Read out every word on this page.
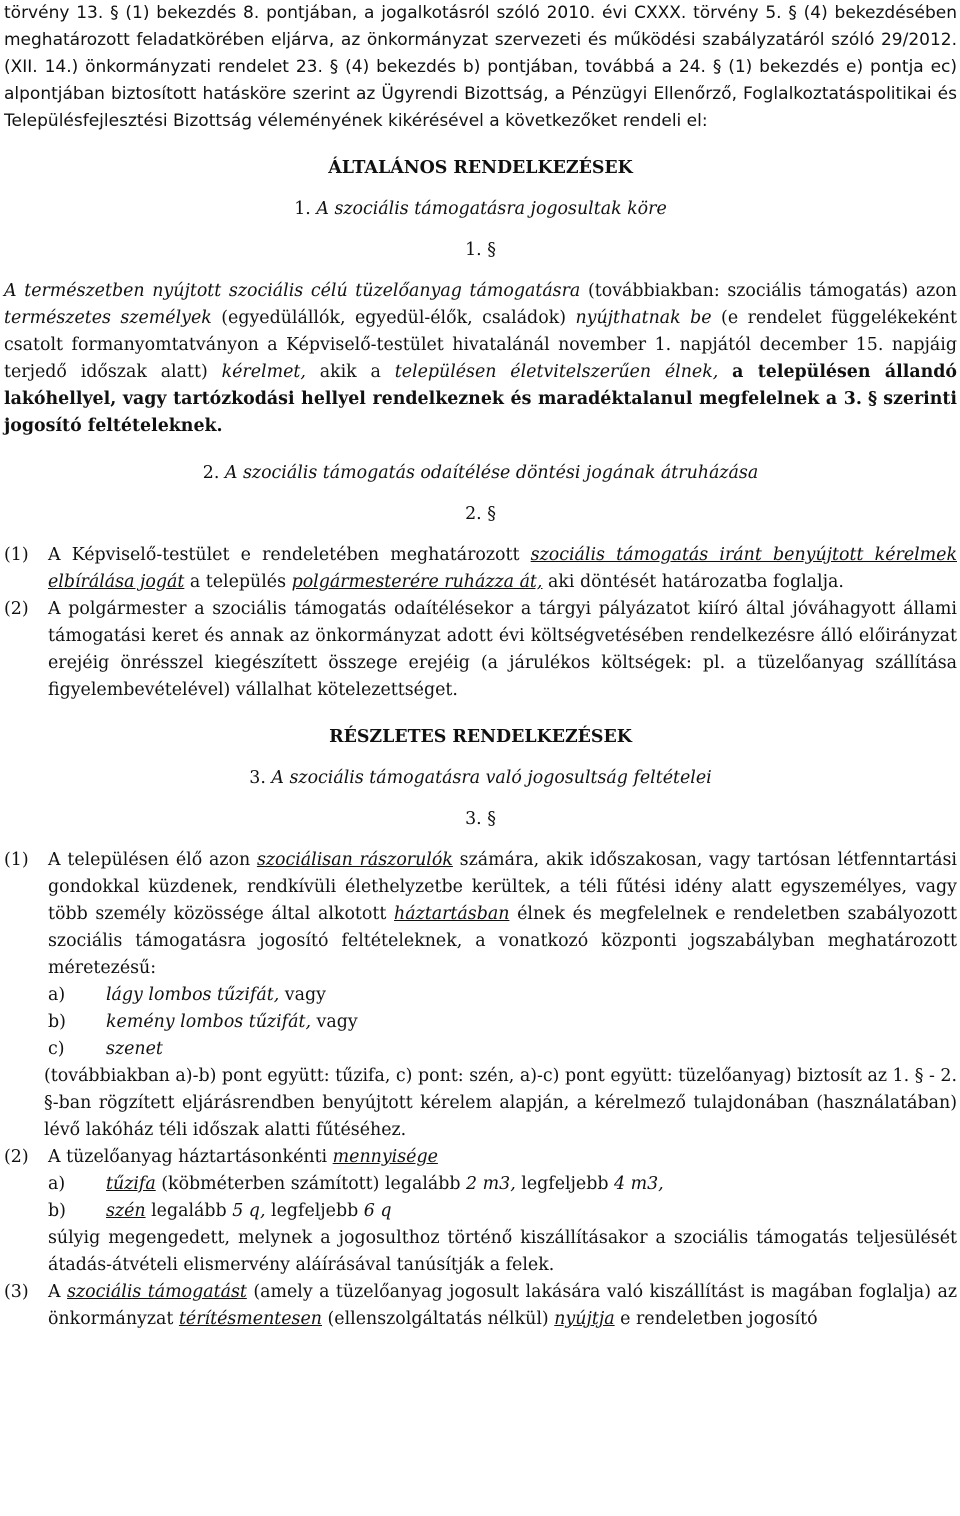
törvény 13. § (1) bekezdés 8. pontjában, a jogalkotásról szóló 2010. évi CXXX. törvény 5. § (4) bekezdésében meghatározott feladatkörében eljárva, az önkormányzat szervezeti és működési szabályzatáról szóló 29/2012. (XII. 14.) önkormányzati rendelet 23. § (4) bekezdés b) pontjában, továbbá a 24. § (1) bekezdés e) pontja ec) alpontjában biztosított hatásköre szerint az Ügyrendi Bizottság, a Pénzügyi Ellenőrző, Foglalkoztatáspolitikai és Településfejlesztési Bizottság véleményének kikérésével a következőket rendeli el:

ÁLTALÁNOS RENDELKEZÉSEK

1. A szociális támogatásra jogosultak köre

1. §

A természetben nyújtott szociális célú tüzelőanyag támogatásra (továbbiakban: szociális támogatás) azon természetes személyek (egyedülállók, egyedül-élők, családok) nyújthatnak be (e rendelet függelékeként csatolt formanyomtatványon a Képviselő-testület hivatalánál november 1. napjától december 15. napjáig terjedő időszak alatt) kérelmet, akik a településen életvitelszerűen élnek, a településen állandó lakóhellyel, vagy tartózkodási hellyel rendelkeznek és maradéktalanul megfelelnek a 3. § szerinti jogosító feltételeknek.

2. A szociális támogatás odaítélése döntési jogának átruházása

2. §

(1)	A Képviselő-testület e rendeletében meghatározott szociális támogatás iránt benyújtott kérelmek elbírálása jogát a település polgármesterére ruházza át, aki döntését határozatba foglalja.

(2)	A polgármester a szociális támogatás odaítélésekor a tárgyi pályázatot kiíró által jóváhagyott állami támogatási keret és annak az önkormányzat adott évi költségvetésében rendelkezésre álló előirányzat erejéig önrésszel kiegészített összege erejéig (a járulékos költségek: pl. a tüzelőanyag szállítása figyelembevételével) vállalhat kötelezettséget.

RÉSZLETES RENDELKEZÉSEK

3. A szociális támogatásra való jogosultság feltételei

3. §

(1)	A településen élő azon szociálisan rászorulók számára, akik időszakosan, vagy tartósan létfenntartási gondokkal küzdenek, rendkívüli élethelyzetbe kerültek, a téli fűtési idény alatt egyszemélyes, vagy több személy közössége által alkotott háztartásban élnek és megfelelnek e rendeletben szabályozott szociális támogatásra jogosító feltételeknek, a vonatkozó központi jogszabályban meghatározott méretezésű:

a)	lágy lombos tűzifát, vagy
b)	kemény lombos tűzifát, vagy
c)	szenet

(továbbiakban a)-b) pont együtt: tűzifa, c) pont: szén, a)-c) pont együtt: tüzelőanyag) biztosít az 1. § - 2. §-ban rögzített eljárásrendben benyújtott kérelem alapján, a kérelmező tulajdonában (használatában) lévő lakóház téli időszak alatti fűtéséhez.

(2)	A tüzelőanyag háztartásonkénti mennyisége

a)	tűzifa (köbméterben számított) legalább 2 m3, legfeljebb 4 m3,
b)	szén legalább 5 q, legfeljebb 6 q

súlyig megengedett, melynek a jogosulthoz történő kiszállításakor a szociális támogatás teljesülését átadás-átvételi elismervény aláírásával tanúsítják a felek.

(3)	A szociális támogatást (amely a tüzelőanyag jogosult lakására való kiszállítást is magában foglalja) az önkormányzat térítésmentesen (ellenszolgáltatás nélkül) nyújtja e rendeletben jogosító
